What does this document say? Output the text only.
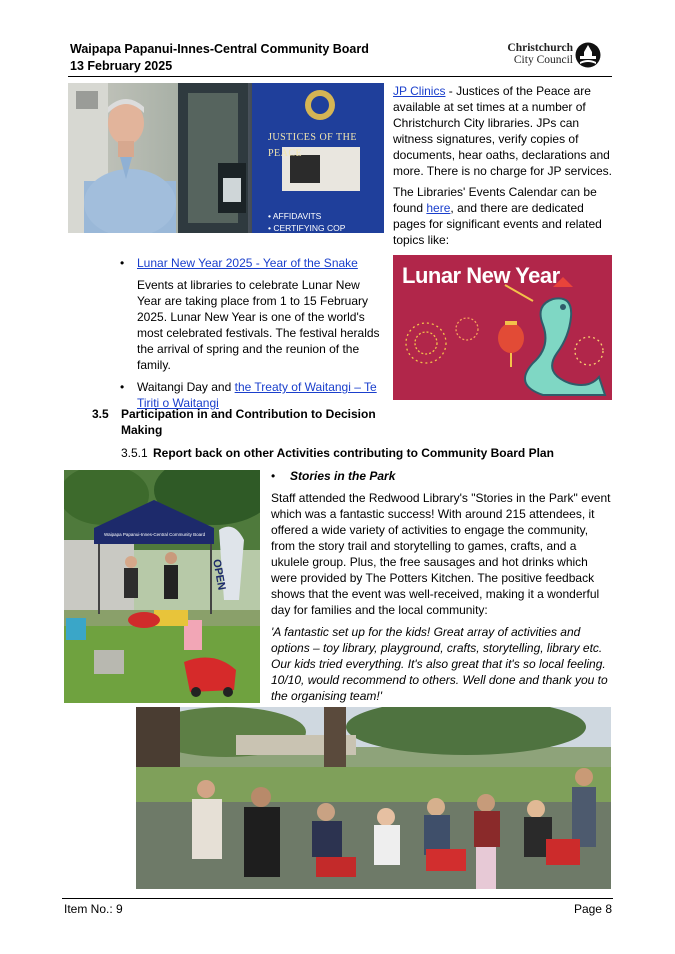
Waipapa Papanui-Innes-Central Community Board
13 February 2025
Christchurch
City Council
JUSTICES OF THE PEACE
• AFFIDAVITS
• CERTIFYING COP
JP Clinics - Justices of the Peace are available at set times at a number of Christchurch City libraries. JPs can witness signatures, verify copies of documents, hear oaths, declarations and more. There is no charge for JP services.
The Libraries' Events Calendar can be found here, and there are dedicated pages for significant events and related topics like:
Lunar New Year
• Lunar New Year 2025 - Year of the Snake
Events at libraries to celebrate Lunar New Year are taking place from 1 to 15 February 2025. Lunar New Year is one of the world's most celebrated festivals. The festival heralds the arrival of spring and the reunion of the family.
• Waitangi Day and the Treaty of Waitangi – Te Tiriti o Waitangi
3.5 Participation in and Contribution to Decision Making
3.5.1 Report back on other Activities contributing to Community Board Plan
Waipapa Papanui-Innes-Central Community Board
OPEN
• Stories in the Park
Staff attended the Redwood Library's "Stories in the Park" event which was a fantastic success! With around 215 attendees, it offered a wide variety of activities to engage the community, from the story trail and storytelling to games, crafts, and a ukulele group. Plus, the free sausages and hot drinks which were provided by The Potters Kitchen. The positive feedback shows that the event was well-received, making it a wonderful day for families and the local community:
'A fantastic set up for the kids! Great array of activities and options – toy library, playground, crafts, storytelling, library etc. Our kids tried everything. It's also great that it's so local feeling. 10/10, would recommend to others. Well done and thank you to the organising team!'
Item No.: 9	Page 8
